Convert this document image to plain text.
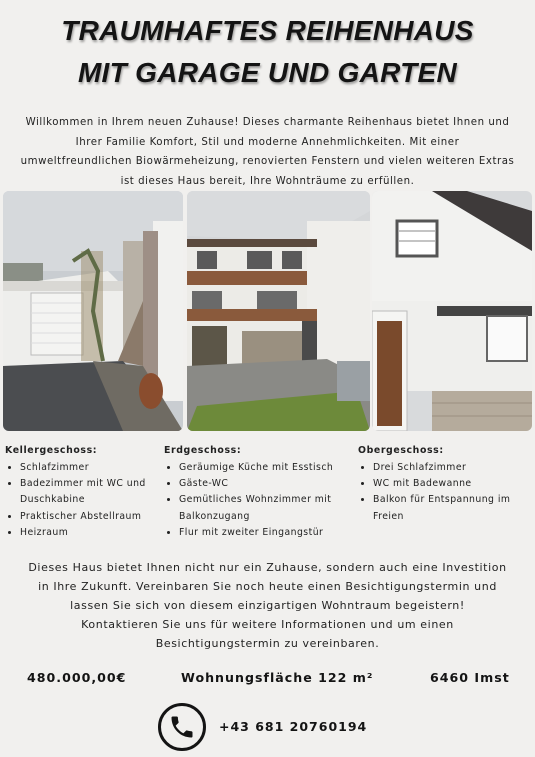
TRAUMHAFTES REIHENHAUS
MIT GARAGE UND GARTEN
Willkommen in Ihrem neuen Zuhause! Dieses charmante Reihenhaus bietet Ihnen und
Ihrer Familie Komfort, Stil und moderne Annehmlichkeiten. Mit einer
umweltfreundlichen Biowärmeheizung, renovierten Fenstern und vielen weiteren Extras
ist dieses Haus bereit, Ihre Wohnträume zu erfüllen.
Kellergeschoss:
• Schlafzimmer
• Badezimmer mit WC und
Duschkabine
• Praktischer Abstellraum
• Heizraum
Erdgeschoss:
• Geräumige Küche mit Esstisch
• Gäste-WC
• Gemütliches Wohnzimmer mit
Balkonzugang
• Flur mit zweiter Eingangstür
Obergeschoss:
• Drei Schlafzimmer
• WC mit Badewanne
• Balkon für Entspannung im
Freien
Dieses Haus bietet Ihnen nicht nur ein Zuhause, sondern auch eine Investition
in Ihre Zukunft. Vereinbaren Sie noch heute einen Besichtigungstermin und
lassen Sie sich von diesem einzigartigen Wohntraum begeistern!
Kontaktieren Sie uns für weitere Informationen und um einen
Besichtigungstermin zu vereinbaren.
480.000,00€	Wohnungsfläche 122 m²	6460 Imst
+43 681 20760194
